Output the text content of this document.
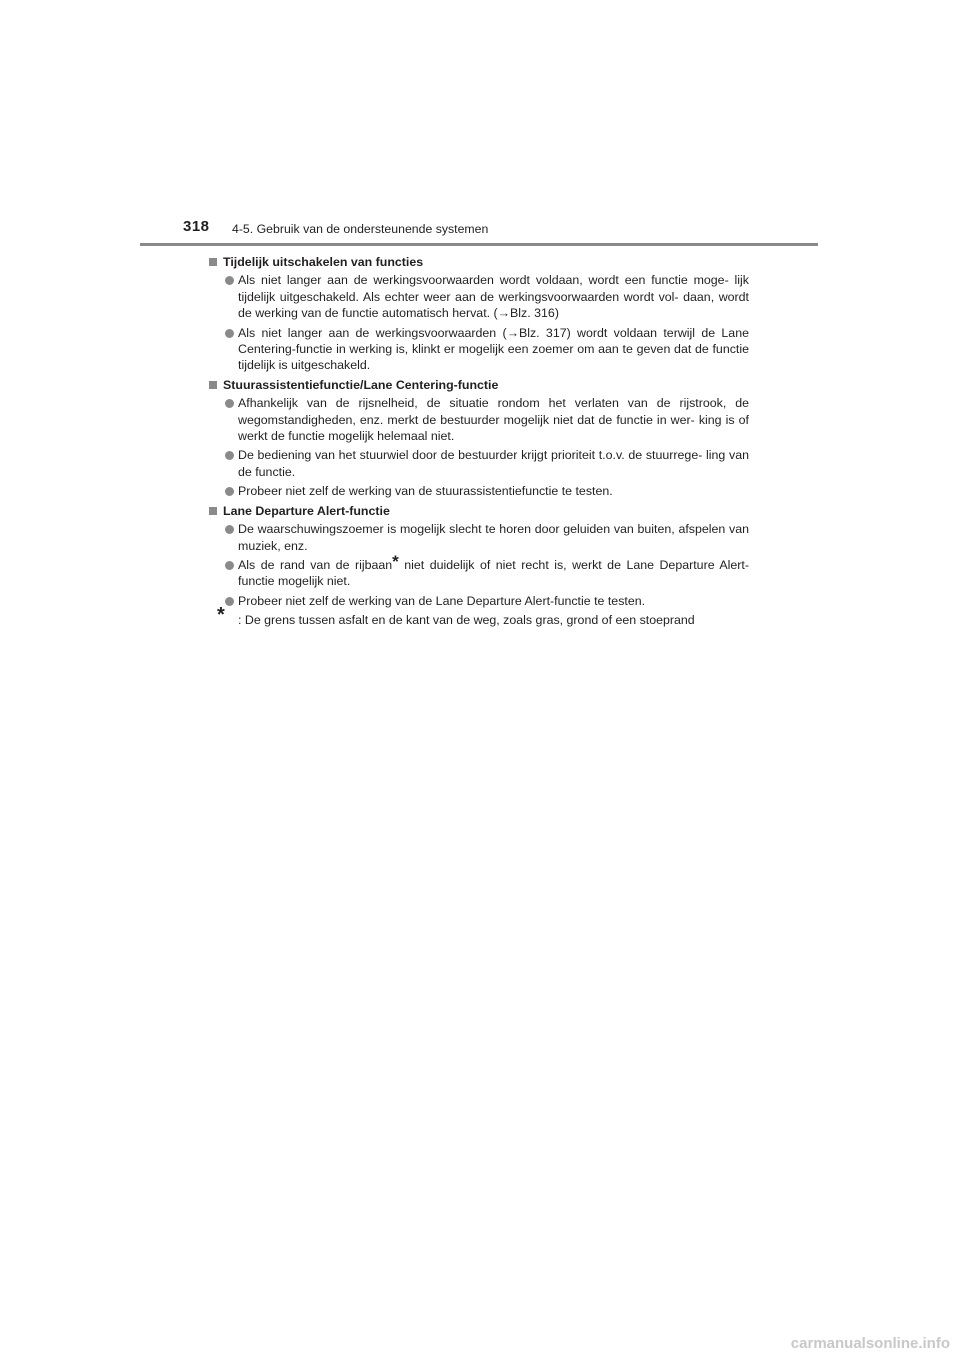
318 4-5. Gebruik van de ondersteunende systemen
Tijdelijk uitschakelen van functies
Als niet langer aan de werkingsvoorwaarden wordt voldaan, wordt een functie moge- lijk tijdelijk uitgeschakeld. Als echter weer aan de werkingsvoorwaarden wordt vol- daan, wordt de werking van de functie automatisch hervat. (→Blz. 316)
Als niet langer aan de werkingsvoorwaarden (→Blz. 317) wordt voldaan terwijl de Lane Centering-functie in werking is, klinkt er mogelijk een zoemer om aan te geven dat de functie tijdelijk is uitgeschakeld.
Stuurassistentiefunctie/Lane Centering-functie
Afhankelijk van de rijsnelheid, de situatie rondom het verlaten van de rijstrook, de wegomstandigheden, enz. merkt de bestuurder mogelijk niet dat de functie in wer- king is of werkt de functie mogelijk helemaal niet.
De bediening van het stuurwiel door de bestuurder krijgt prioriteit t.o.v. de stuurrege- ling van de functie.
Probeer niet zelf de werking van de stuurassistentiefunctie te testen.
Lane Departure Alert-functie
De waarschuwingszoemer is mogelijk slecht te horen door geluiden van buiten, afspelen van muziek, enz.
Als de rand van de rijbaan* niet duidelijk of niet recht is, werkt de Lane Departure Alert-functie mogelijk niet.
Probeer niet zelf de werking van de Lane Departure Alert-functie te testen.
* : De grens tussen asfalt en de kant van de weg, zoals gras, grond of een stoeprand
carmanualsonline.info
